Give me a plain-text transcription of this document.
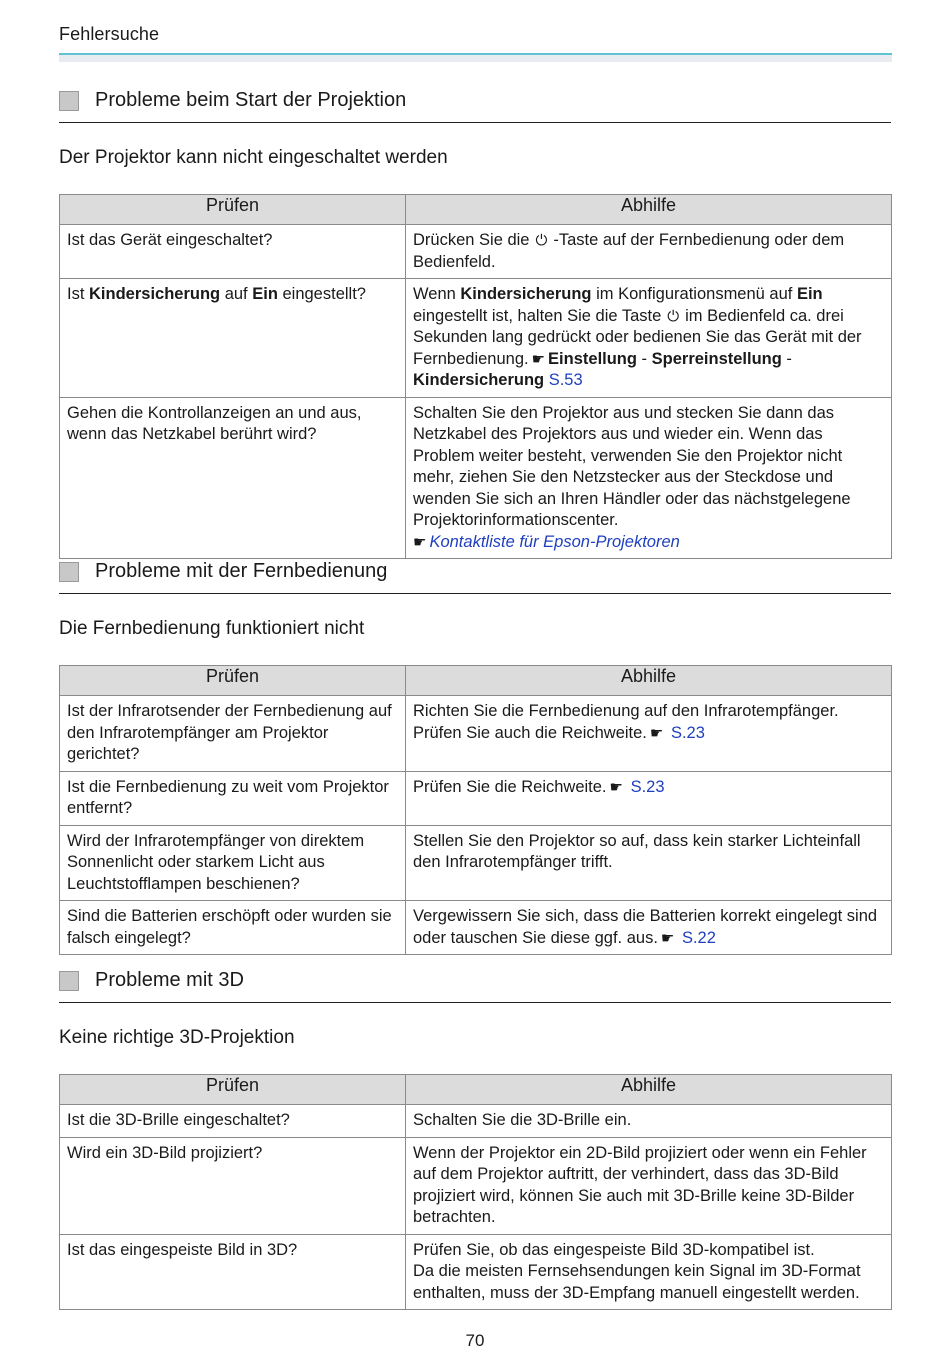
Fehlersuche
Probleme beim Start der Projektion
Der Projektor kann nicht eingeschaltet werden
Prüfen	Abhilfe
Ist das Gerät eingeschaltet?	Drücken Sie die ⏻ -Taste auf der Fernbedienung oder dem Bedienfeld.
Ist Kindersicherung auf Ein eingestellt?	Wenn Kindersicherung im Konfigurationsmenü auf Ein eingestellt ist, halten Sie die Taste ⏻ im Bedienfeld ca. drei Sekunden lang gedrückt oder bedienen Sie das Gerät mit der Fernbedienung. ☛ Einstellung - Sperreinstellung - Kindersicherung S.53
Gehen die Kontrollanzeigen an und aus, wenn das Netzkabel berührt wird?	Schalten Sie den Projektor aus und stecken Sie dann das Netzkabel des Projektors aus und wieder ein. Wenn das Problem weiter besteht, verwenden Sie den Projektor nicht mehr, ziehen Sie den Netzstecker aus der Steckdose und wenden Sie sich an Ihren Händler oder das nächstgelegene Projektorinformationscenter.
☛ Kontaktliste für Epson-Projektoren
Probleme mit der Fernbedienung
Die Fernbedienung funktioniert nicht
Prüfen	Abhilfe
Ist der Infrarotsender der Fernbedienung auf den Infrarotempfänger am Projektor gerichtet?	Richten Sie die Fernbedienung auf den Infrarotempfänger. Prüfen Sie auch die Reichweite. ☛ S.23
Ist die Fernbedienung zu weit vom Projektor entfernt?	Prüfen Sie die Reichweite. ☛ S.23
Wird der Infrarotempfänger von direktem Sonnenlicht oder starkem Licht aus Leuchtstofflampen beschienen?	Stellen Sie den Projektor so auf, dass kein starker Lichteinfall den Infrarotempfänger trifft.
Sind die Batterien erschöpft oder wurden sie falsch eingelegt?	Vergewissern Sie sich, dass die Batterien korrekt eingelegt sind oder tauschen Sie diese ggf. aus. ☛ S.22
Probleme mit 3D
Keine richtige 3D-Projektion
Prüfen	Abhilfe
Ist die 3D-Brille eingeschaltet?	Schalten Sie die 3D-Brille ein.
Wird ein 3D-Bild projiziert?	Wenn der Projektor ein 2D-Bild projiziert oder wenn ein Fehler auf dem Projektor auftritt, der verhindert, dass das 3D-Bild projiziert wird, können Sie auch mit 3D-Brille keine 3D-Bilder betrachten.
Ist das eingespeiste Bild in 3D?	Prüfen Sie, ob das eingespeiste Bild 3D-kompatibel ist.
Da die meisten Fernsehsendungen kein Signal im 3D-Format enthalten, muss der 3D-Empfang manuell eingestellt werden.
70
